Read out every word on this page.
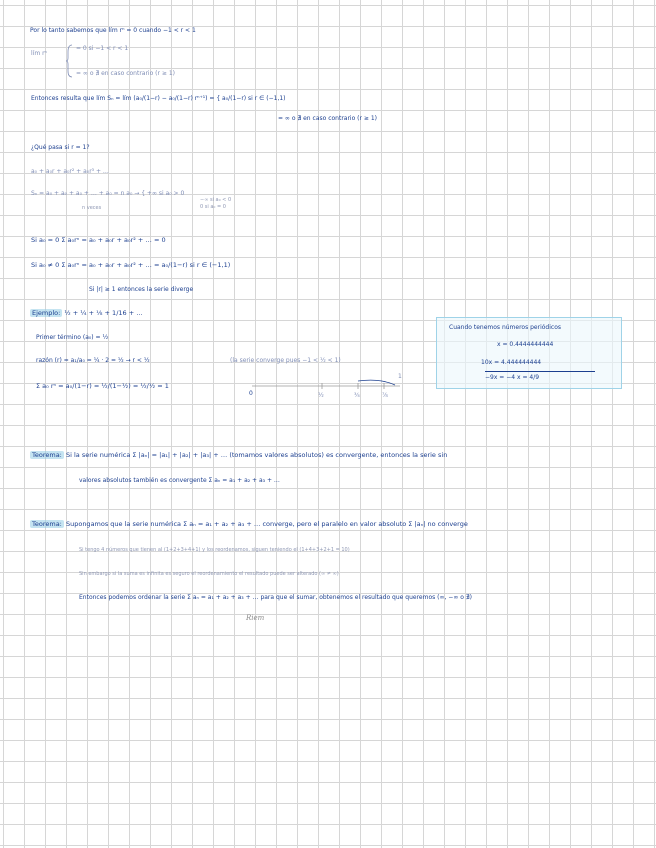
Por lo tanto sabemos que lím rⁿ = 0 cuando −1 < r < 1
lím rⁿ
= 0 si −1 < r < 1
= ∞ o ∄ en caso contrario (r ≥ 1)
Entonces resulta que lím Sₙ = lím (a₀/(1−r) − a₀/(1−r) rⁿ⁺¹) = { a₀/(1−r) si r ∈ (−1,1)
= ∞ o ∄ en caso contrario (r ≥ 1)
¿Qué pasa si r = 1?
a₀ + a₀r + a₀r² + a₀r³ + …
Sₙ = a₀ + a₀ + a₀ + … + a₀ = n a₀ → { +∞ si a₀ > 0
n veces
−∞ si a₀ < 0
0 si a₀ = 0
Si a₀ = 0 Σ a₀rⁿ = a₀ + a₀r + a₀r² + … = 0
Si a₀ ≠ 0 Σ a₀rⁿ = a₀ + a₀r + a₀r² + … = a₀/(1−r) si r ∈ (−1,1)
Si |r| ≥ 1 entonces la serie diverge
Ejemplo: ½ + ¼ + ⅛ + 1/16 + …
Primer término (a₀) = ½
razón (r) = a₁/a₀ = ¼ · 2 = ½ → r < ½	(la serie converge pues −1 < ½ < 1)
Σ a₀ rⁿ = a₀/(1−r) = ½/(1−½) = ½/½ = 1
0	½	¾	⅞
1
Cuando tenemos números periódicos
x = 0.4444444444
10x = 4.444444444
−9x = −4 x = 4/9
Teorema: Si la serie numérica Σ |aₙ| = |a₁| + |a₂| + |a₃| + … (tomamos valores absolutos) es convergente, entonces la serie sin
valores absolutos también es convergente Σ aₙ = a₁ + a₂ + a₃ + …
Teorema: Supongamos que la serie numérica Σ aₙ = a₁ + a₂ + a₃ + … converge, pero el paralelo en valor absoluto Σ |aₙ| no converge
Si tengo 4 números que tienen al (1+2+3+4+1) y los reordenamos, siguen teniendo el (1+4+3+2+1 = 10)
Sin embargo si la suma es infinita es seguro el reordenamiento el resultado puede ser alterado (∞ ≠ ∞)
Entonces podemos ordenar la serie Σ aₙ = a₁ + a₂ + a₃ + … para que el sumar, obtenemos el resultado que queremos (∞, −∞ o ∄)
Riem
